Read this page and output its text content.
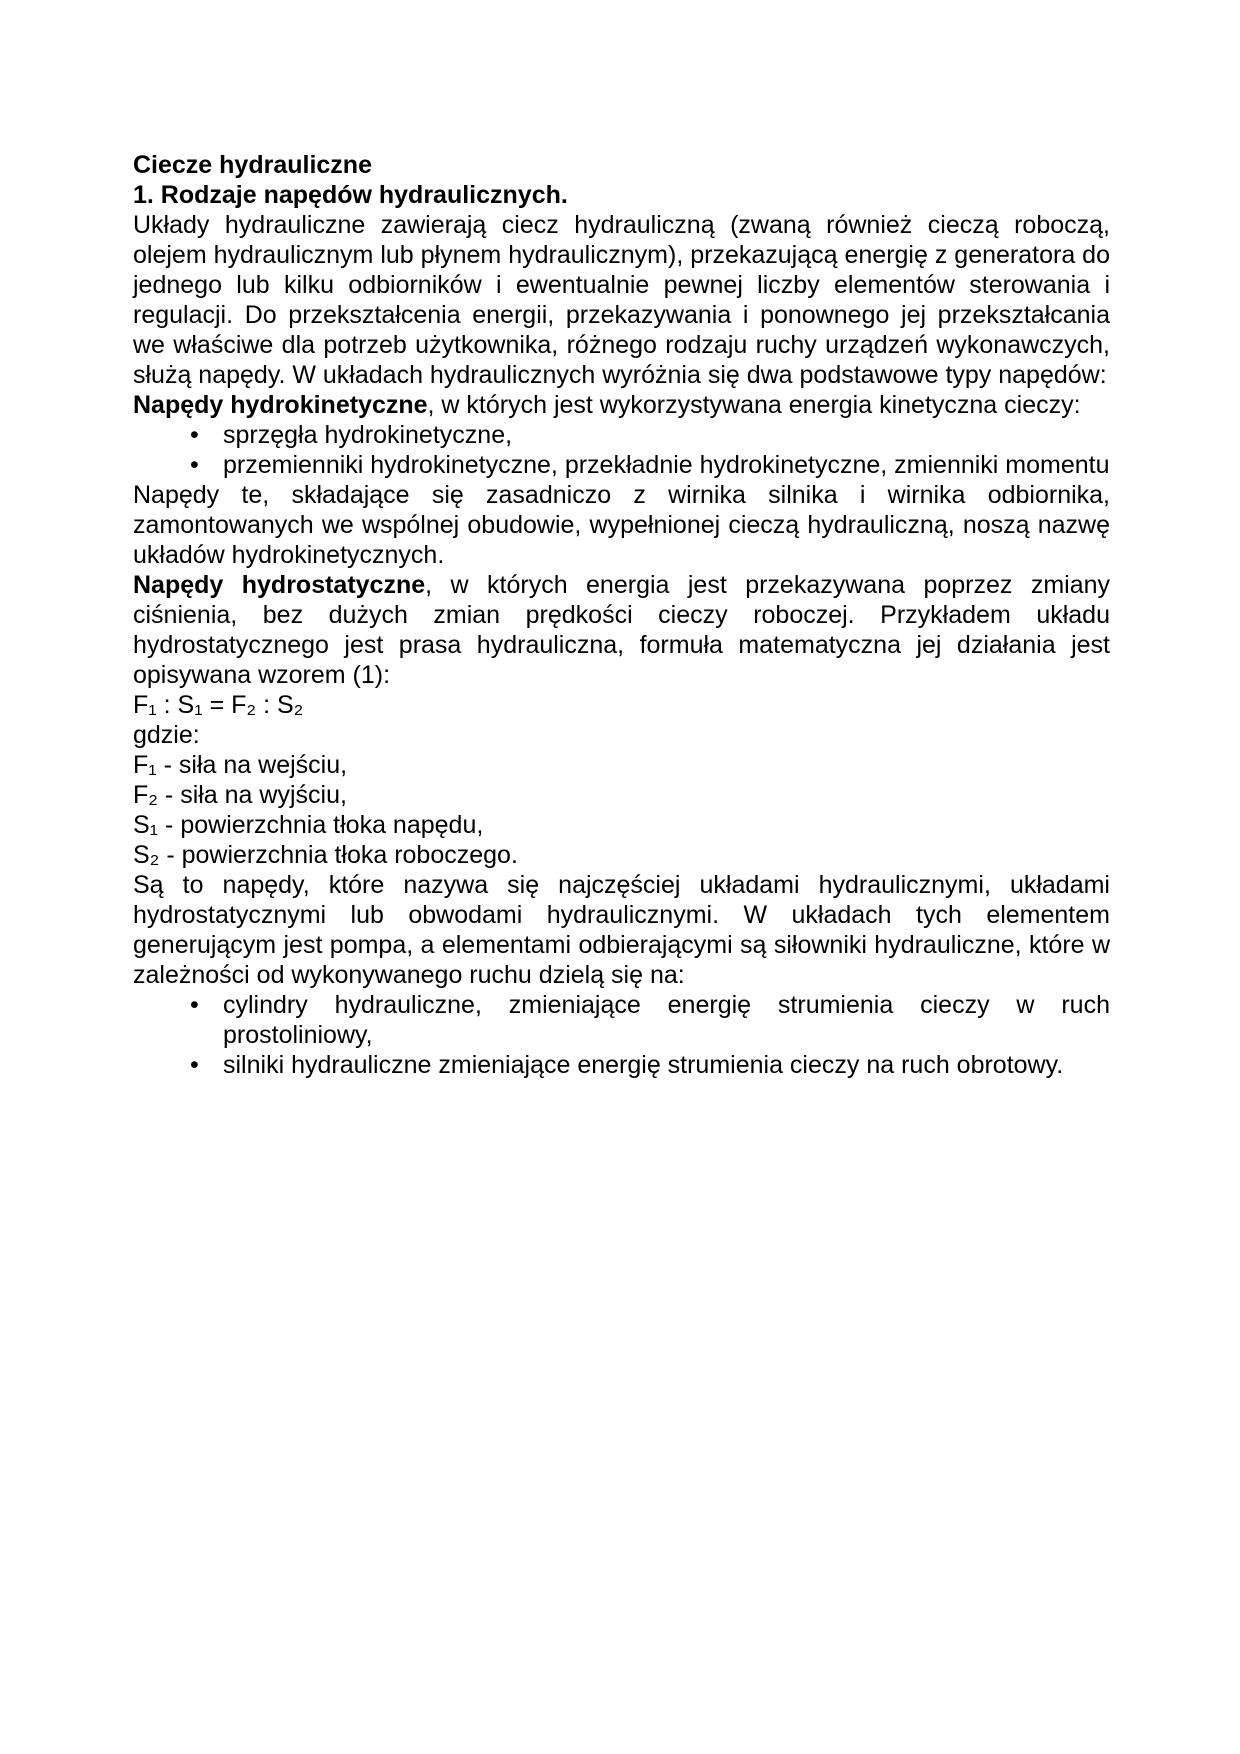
Ciecze hydrauliczne
1. Rodzaje napędów hydraulicznych.

Układy hydrauliczne zawierają ciecz hydrauliczną (zwaną również cieczą roboczą, olejem hydraulicznym lub płynem hydraulicznym), przekazującą energię z generatora do jednego lub kilku odbiorników i ewentualnie pewnej liczby elementów sterowania i regulacji. Do przekształcenia energii, przekazywania i ponownego jej przekształcania we właściwe dla potrzeb użytkownika, różnego rodzaju ruchy urządzeń wykonawczych, służą napędy. W układach hydraulicznych wyróżnia się dwa podstawowe typy napędów:

Napędy hydrokinetyczne, w których jest wykorzystywana energia kinetyczna cieczy:

• sprzęgła hydrokinetyczne,
• przemienniki hydrokinetyczne, przekładnie hydrokinetyczne, zmienniki momentu

Napędy te, składające się zasadniczo z wirnika silnika i wirnika odbiornika, zamontowanych we wspólnej obudowie, wypełnionej cieczą hydrauliczną, noszą nazwę układów hydrokinetycznych.

Napędy hydrostatyczne, w których energia jest przekazywana poprzez zmiany ciśnienia, bez dużych zmian prędkości cieczy roboczej. Przykładem układu hydrostatycznego jest prasa hydrauliczna, formuła matematyczna jej działania jest opisywana wzorem (1):

F₁ : S₁ = F₂ : S₂

gdzie:

F₁ - siła na wejściu,

F₂ - siła na wyjściu,

S₁ - powierzchnia tłoka napędu,

S₂ - powierzchnia tłoka roboczego.

Są to napędy, które nazywa się najczęściej układami hydraulicznymi, układami hydrostatycznymi lub obwodami hydraulicznymi. W układach tych elementem generującym jest pompa, a elementami odbierającymi są siłowniki hydrauliczne, które w zależności od wykonywanego ruchu dzielą się na:

• cylindry hydrauliczne, zmieniające energię strumienia cieczy w ruch prostoliniowy,
• silniki hydrauliczne zmieniające energię strumienia cieczy na ruch obrotowy.
